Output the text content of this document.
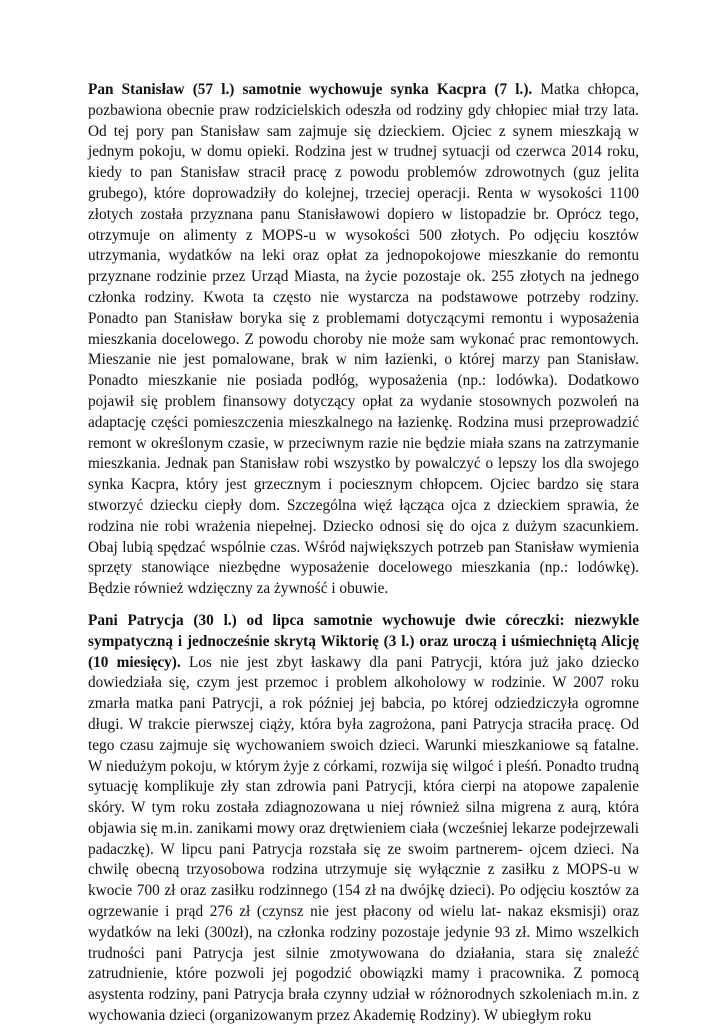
Pan Stanisław (57 l.) samotnie wychowuje synka Kacpra (7 l.). Matka chłopca, pozbawiona obecnie praw rodzicielskich odeszła od rodziny gdy chłopiec miał trzy lata. Od tej pory pan Stanisław sam zajmuje się dzieckiem. Ojciec z synem mieszkają w jednym pokoju, w domu opieki. Rodzina jest w trudnej sytuacji od czerwca 2014 roku, kiedy to pan Stanisław stracił pracę z powodu problemów zdrowotnych (guz jelita grubego), które doprowadziły do kolejnej, trzeciej operacji. Renta w wysokości 1100 złotych została przyznana panu Stanisławowi dopiero w listopadzie br. Oprócz tego, otrzymuje on alimenty z MOPS-u w wysokości 500 złotych. Po odjęciu kosztów utrzymania, wydatków na leki oraz opłat za jednopokojowe mieszkanie do remontu przyznane rodzinie przez Urząd Miasta, na życie pozostaje ok. 255 złotych na jednego członka rodziny. Kwota ta często nie wystarcza na podstawowe potrzeby rodziny. Ponadto pan Stanisław boryka się z problemami dotyczącymi remontu i wyposażenia mieszkania docelowego. Z powodu choroby nie może sam wykonać prac remontowych. Mieszanie nie jest pomalowane, brak w nim łazienki, o której marzy pan Stanisław. Ponadto mieszkanie nie posiada podłóg, wyposażenia (np.: lodówka). Dodatkowo pojawił się problem finansowy dotyczący opłat za wydanie stosownych pozwoleń na adaptację części pomieszczenia mieszkalnego na łazienkę. Rodzina musi przeprowadzić remont w określonym czasie, w przeciwnym razie nie będzie miała szans na zatrzymanie mieszkania. Jednak pan Stanisław robi wszystko by powalczyć o lepszy los dla swojego synka Kacpra, który jest grzecznym i pociesznym chłopcem. Ojciec bardzo się stara stworzyć dziecku ciepły dom. Szczególna więź łącząca ojca z dzieckiem sprawia, że rodzina nie robi wrażenia niepełnej. Dziecko odnosi się do ojca z dużym szacunkiem. Obaj lubią spędzać wspólnie czas. Wśród największych potrzeb pan Stanisław wymienia sprzęty stanowiące niezbędne wyposażenie docelowego mieszkania (np.: lodówkę). Będzie również wdzięczny za żywność i obuwie.

Pani Patrycja (30 l.) od lipca samotnie wychowuje dwie córeczki: niezwykle sympatyczną i jednocześnie skrytą Wiktorię (3 l.) oraz uroczą i uśmiechniętą Alicję (10 miesięcy). Los nie jest zbyt łaskawy dla pani Patrycji, która już jako dziecko dowiedziała się, czym jest przemoc i problem alkoholowy w rodzinie. W 2007 roku zmarła matka pani Patrycji, a rok później jej babcia, po której odziedziczyła ogromne długi. W trakcie pierwszej ciąży, która była zagrożona, pani Patrycja straciła pracę. Od tego czasu zajmuje się wychowaniem swoich dzieci. Warunki mieszkaniowe są fatalne. W niedużym pokoju, w którym żyje z córkami, rozwija się wilgoć i pleśń. Ponadto trudną sytuację komplikuje zły stan zdrowia pani Patrycji, która cierpi na atopowe zapalenie skóry. W tym roku została zdiagnozowana u niej również silna migrena z aurą, która objawia się m.in. zanikami mowy oraz drętwieniem ciała (wcześniej lekarze podejrzewali padaczkę). W lipcu pani Patrycja rozstała się ze swoim partnerem- ojcem dzieci. Na chwilę obecną trzyosobowa rodzina utrzymuje się wyłącznie z zasiłku z MOPS-u w kwocie 700 zł oraz zasiłku rodzinnego (154 zł na dwójkę dzieci). Po odjęciu kosztów za ogrzewanie i prąd 276 zł (czynsz nie jest płacony od wielu lat- nakaz eksmisji) oraz wydatków na leki (300zł), na członka rodziny pozostaje jedynie 93 zł. Mimo wszelkich trudności pani Patrycja jest silnie zmotywowana do działania, stara się znaleźć zatrudnienie, które pozwoli jej pogodzić obowiązki mamy i pracownika. Z pomocą asystenta rodziny, pani Patrycja brała czynny udział w różnorodnych szkoleniach m.in. z wychowania dzieci (organizowanym przez Akademię Rodziny). W ubiegłym roku
